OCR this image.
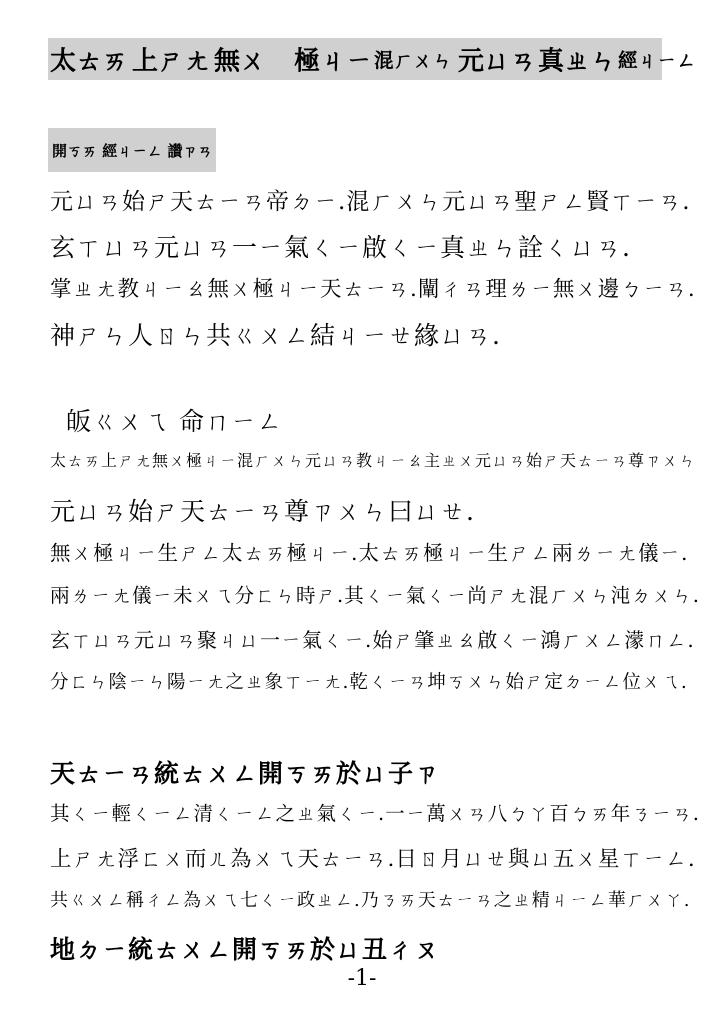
太ㄊㄞ 上ㄕㄤ 無ㄨ 極ㄐㄧ 混ㄏㄨㄣ 元ㄩㄢ 真ㄓㄣ 經ㄐㄧㄥ
開ㄎㄞ 經ㄐㄧㄥ 讚ㄗㄢ
元ㄩㄢ始ㄕ天ㄊㄧㄢ帝ㄉㄧ.混ㄏㄨㄣ元ㄩㄢ聖ㄕㄥ賢ㄒㄧㄢ.
玄ㄒㄩㄢ元ㄩㄢ一ㄧ氣ㄑㄧ啟ㄑㄧ真ㄓㄣ詮ㄑㄩㄢ.
掌ㄓㄤ教ㄐㄧㄠ無ㄨ極ㄐㄧ天ㄊㄧㄢ.闡ㄔㄢ理ㄌㄧ無ㄨ邊ㄅㄧㄢ.
神ㄕㄣ人ㄖㄣ共ㄍㄨㄥ結ㄐㄧㄝ緣ㄩㄢ.
皈ㄍㄨㄟ 命ㄇㄧㄥ
太ㄊㄞ上ㄕㄤ無ㄨ極ㄐㄧ混ㄏㄨㄣ元ㄩㄢ教ㄐㄧㄠ主ㄓㄨ元ㄩㄢ始ㄕ天ㄊㄧㄢ尊ㄗㄨㄣ
元ㄩㄢ始ㄕ天ㄊㄧㄢ尊ㄗㄨㄣ曰ㄩㄝ.
無ㄨ極ㄐㄧ生ㄕㄥ太ㄊㄞ極ㄐㄧ.太ㄊㄞ極ㄐㄧ生ㄕㄥ兩ㄌㄧㄤ儀ㄧ.
兩ㄌㄧㄤ儀ㄧ未ㄨㄟ分ㄈㄣ時ㄕ.其ㄑㄧ氣ㄑㄧ尚ㄕㄤ混ㄏㄨㄣ沌ㄉㄨㄣ.
玄ㄒㄩㄢ元ㄩㄢ聚ㄐㄩ一ㄧ氣ㄑㄧ.始ㄕ肇ㄓㄠ啟ㄑㄧ鴻ㄏㄨㄥ濛ㄇㄥ.
分ㄈㄣ陰ㄧㄣ陽ㄧㄤ之ㄓ象ㄒㄧㄤ.乾ㄑㄧㄢ坤ㄎㄨㄣ始ㄕ定ㄉㄧㄥ位ㄨㄟ.
天ㄊㄧㄢ統ㄊㄨㄥ開ㄎㄞ於ㄩ子ㄗ
其ㄑㄧ輕ㄑㄧㄥ清ㄑㄧㄥ之ㄓ氣ㄑㄧ.一ㄧ萬ㄨㄢ八ㄅㄚ百ㄅㄞ年ㄋㄧㄢ.
上ㄕㄤ浮ㄈㄨ而ㄦ為ㄨㄟ天ㄊㄧㄢ.日ㄖ月ㄩㄝ與ㄩ五ㄨ星ㄒㄧㄥ.
共ㄍㄨㄥ稱ㄔㄥ為ㄨㄟ七ㄑㄧ政ㄓㄥ.乃ㄋㄞ天ㄊㄧㄢ之ㄓ精ㄐㄧㄥ華ㄏㄨㄚ.
地ㄉㄧ統ㄊㄨㄥ開ㄎㄞ於ㄩ丑ㄔㄡ
-1-
